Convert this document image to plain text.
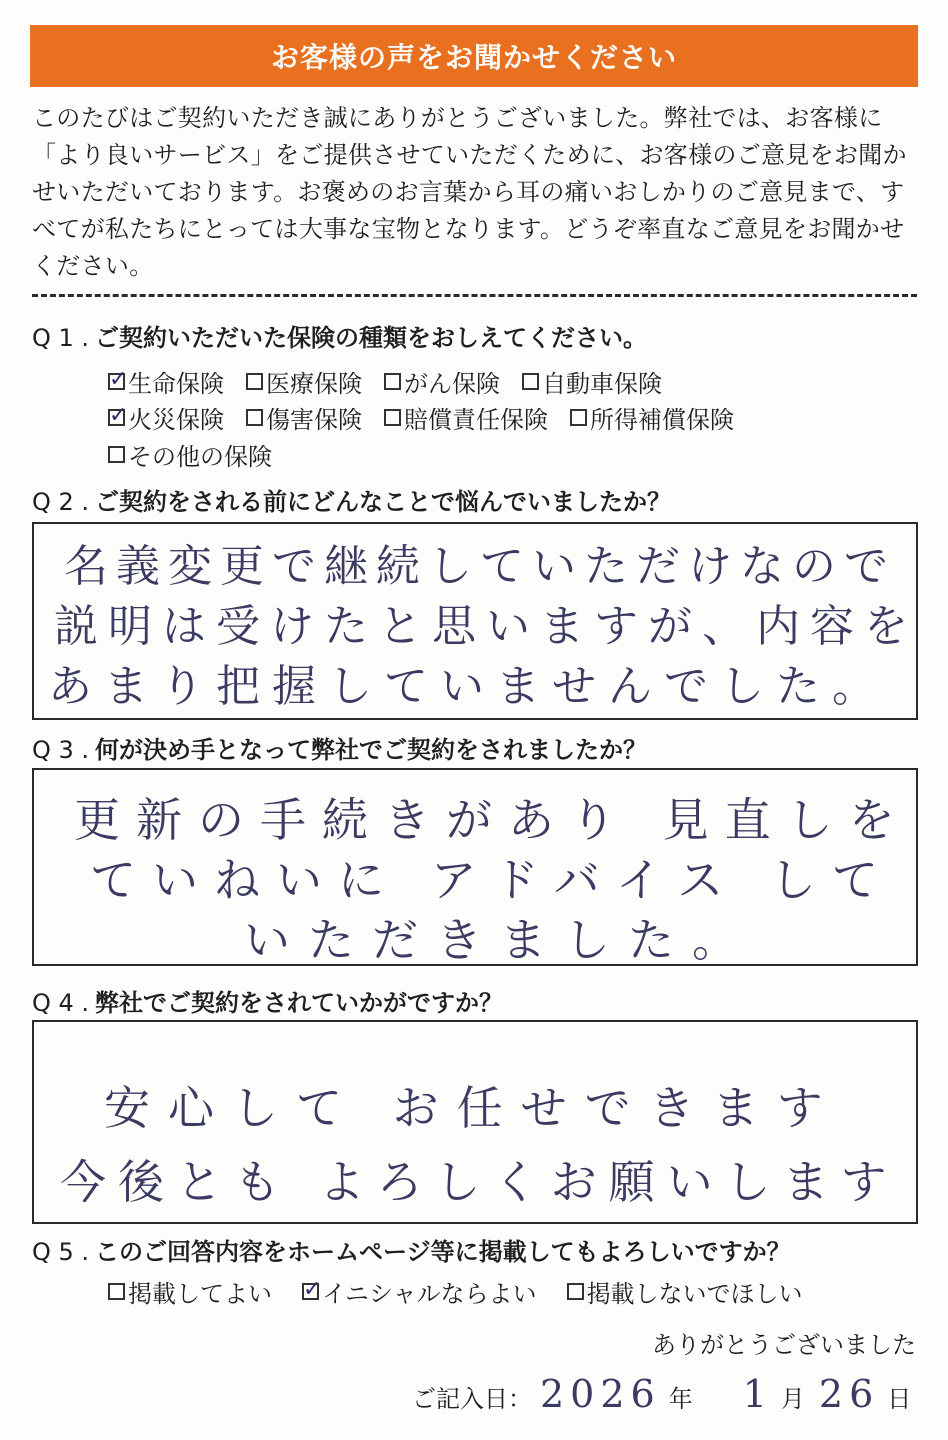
お客様の声をお聞かせください
このたびはご契約いただき誠にありがとうございました。弊社では、お客様に「より良いサービス」をご提供させていただくために、お客様のご意見をお聞かせいただいております。お褒めのお言葉から耳の痛いおしかりのご意見まで、すべてが私たちにとっては大事な宝物となります。どうぞ率直なご意見をお聞かせください。
Q 1 . ご契約いただいた保険の種類をおしえてください。
✓
生命保険 医療保険 がん保険 自動車保険
✓
火災保険 傷害保険 賠償責任保険 所得補償保険
その他の保険
Q 2 . ご契約をされる前にどんなことで悩んでいましたか？
名義変更で継続していただけなので
説明は受けたと思いますが、内容を
あまり把握していませんでした。
Q 3 . 何が決め手となって弊社でご契約をされましたか？
更新の手続きがあり 見直しを
ていねいに アドバイス して
いただきました。
Q 4 . 弊社でご契約をされていかがですか？
安心して お任せできます
今後とも よろしくお願いします
Q 5 . このご回答内容をホームページ等に掲載してもよろしいですか？
掲載してよい
✓ イニシャルならよい 掲載しないでほしい
ありがとうございました
ご記入日： 2026 年 1 月 26 日
